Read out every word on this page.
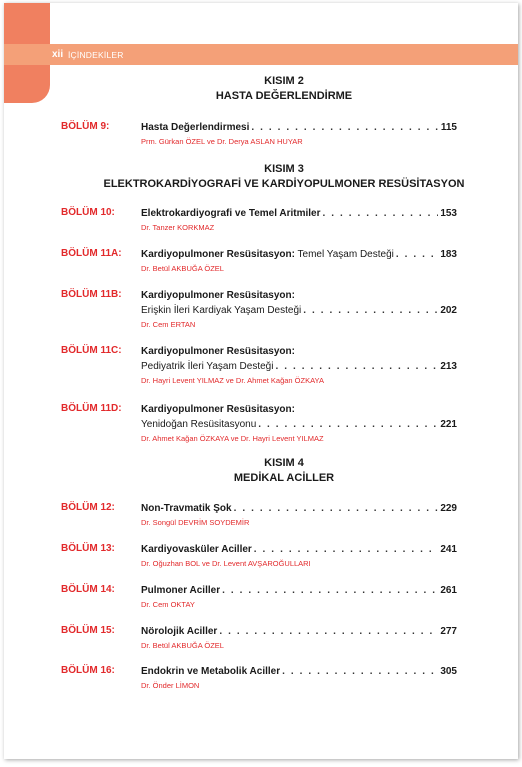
xii İÇİNDEKİLER
KISIM 2
HASTA DEĞERLENDİRME
BÖLÜM 9:	Hasta Değerlendirmesi . . .	115
Prm. Gürkan ÖZEL ve Dr. Derya ASLAN HUYAR
KISIM 3
ELEKTROKARDİYOGRAFİ VE KARDİYOPULMONER RESÜSİTASYON
BÖLÜM 10:	Elektrokardiyografi ve Temel Aritmiler . . .	153
Dr. Tanzer KORKMAZ
BÖLÜM 11A: Kardiyopulmoner Resüsitasyon: Temel Yaşam Desteği . . .	183
Dr. Betül AKBUĞA ÖZEL
BÖLÜM 11B: Kardiyopulmoner Resüsitasyon:
Erişkin İleri Kardiyak Yaşam Desteği . . .	202
Dr. Cem ERTAN
BÖLÜM 11C: Kardiyopulmoner Resüsitasyon:
Pediyatrik İleri Yaşam Desteği . . .	213
Dr. Hayri Levent YILMAZ ve Dr. Ahmet Kağan ÖZKAYA
BÖLÜM 11D: Kardiyopulmoner Resüsitasyon:
Yenidoğan Resüsitasyonu . . .	221
Dr. Ahmet Kağan ÖZKAYA ve Dr. Hayri Levent YILMAZ
KISIM 4
MEDİKAL ACİLLER
BÖLÜM 12:	Non-Travmatik Şok . . .	229
Dr. Songül DEVRİM SOYDEMİR
BÖLÜM 13:	Kardiyovasküler Aciller . . .	241
Dr. Oğuzhan BOL ve Dr. Levent AVŞAROĞULLARI
BÖLÜM 14:	Pulmoner Aciller . . .	261
Dr. Cem OKTAY
BÖLÜM 15:	Nörolojik Aciller . . .	277
Dr. Betül AKBUĞA ÖZEL
BÖLÜM 16:	Endokrin ve Metabolik Aciller . . .	305
Dr. Önder LİMON
